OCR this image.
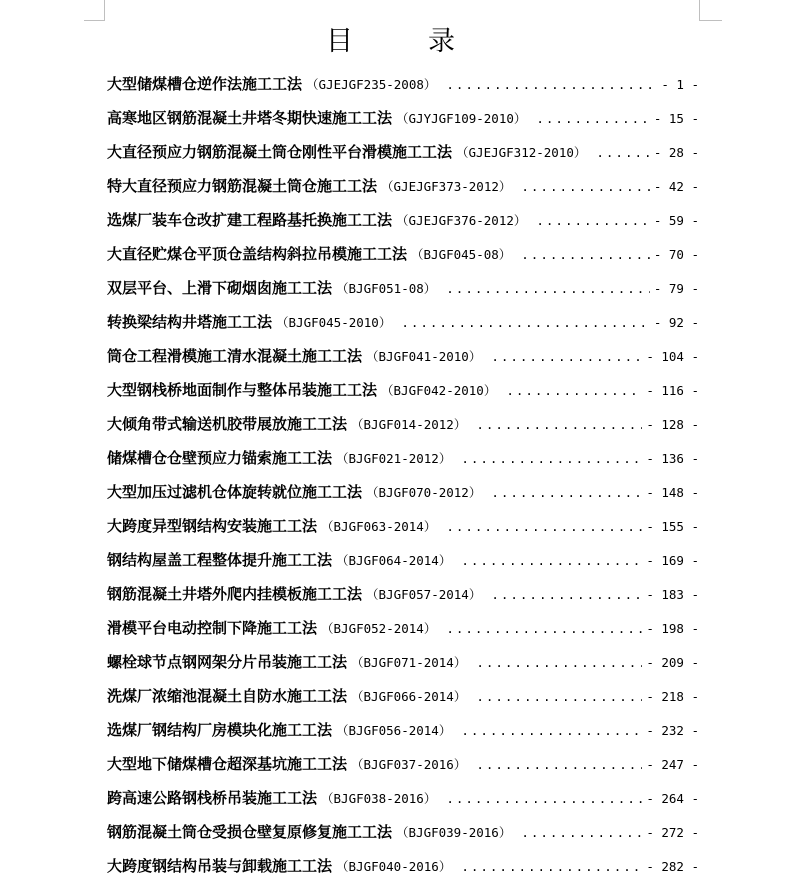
目　录
大型储煤槽仓逆作法施工工法 （GJEJGF235-2008） .....	- 1 -
高寒地区钢筋混凝土井塔冬期快速施工工法 （GJYJGF109-2010） .....	- 15 -
大直径预应力钢筋混凝土筒仓刚性平台滑模施工工法 （GJEJGF312-2010） .....	- 28 -
特大直径预应力钢筋混凝土筒仓施工工法 （GJEJGF373-2012） .....	- 42 -
选煤厂装车仓改扩建工程路基托换施工工法 （GJEJGF376-2012） .....	- 59 -
大直径贮煤仓平顶仓盖结构斜拉吊模施工工法 （BJGF045-08） .....	- 70 -
双层平台、上滑下砌烟囱施工工法 （BJGF051-08） .....	- 79 -
转换梁结构井塔施工工法 （BJGF045-2010） .....	- 92 -
筒仓工程滑模施工清水混凝土施工工法 （BJGF041-2010） .....	- 104 -
大型钢栈桥地面制作与整体吊装施工工法 （BJGF042-2010） .....	- 116 -
大倾角带式输送机胶带展放施工工法 （BJGF014-2012） .....	- 128 -
储煤槽仓仓壁预应力锚索施工工法 （BJGF021-2012） .....	- 136 -
大型加压过滤机仓体旋转就位施工工法 （BJGF070-2012） .....	- 148 -
大跨度异型钢结构安装施工工法 （BJGF063-2014） .....	- 155 -
钢结构屋盖工程整体提升施工工法 （BJGF064-2014） .....	- 169 -
钢筋混凝土井塔外爬内挂模板施工工法 （BJGF057-2014） .....	- 183 -
滑模平台电动控制下降施工工法 （BJGF052-2014） .....	- 198 -
螺栓球节点钢网架分片吊装施工工法 （BJGF071-2014） .....	- 209 -
洗煤厂浓缩池混凝土自防水施工工法 （BJGF066-2014） .....	- 218 -
选煤厂钢结构厂房模块化施工工法 （BJGF056-2014） .....	- 232 -
大型地下储煤槽仓超深基坑施工工法 （BJGF037-2016） .....	- 247 -
跨高速公路钢栈桥吊装施工工法 （BJGF038-2016） .....	- 264 -
钢筋混凝土筒仓受损仓壁复原修复施工工法 （BJGF039-2016） .....	- 272 -
大跨度钢结构吊装与卸载施工工法 （BJGF040-2016） .....	- 282 -
